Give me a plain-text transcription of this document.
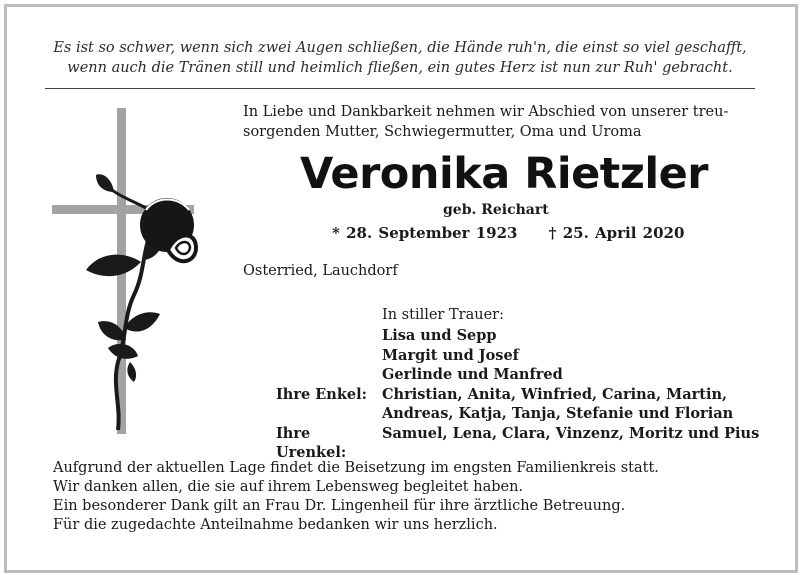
Es ist so schwer, wenn sich zwei Augen schließen, die Hände ruh'n, die einst so viel geschafft,
wenn auch die Tränen still und heimlich fließen, ein gutes Herz ist nun zur Ruh' gebracht.
In Liebe und Dankbarkeit nehmen wir Abschied von unserer treu-
sorgenden Mutter, Schwiegermutter, Oma und Uroma
Veronika Rietzler
geb. Reichart
* 28. September 1923 † 25. April 2020
Osterried, Lauchdorf
In stiller Trauer:
Lisa und Sepp
Margit und Josef
Gerlinde und Manfred
Ihre Enkel:	Christian, Anita, Winfried, Carina, Martin,
Andreas, Katja, Tanja, Stefanie und Florian
Ihre Urenkel:
Samuel, Lena, Clara, Vinzenz, Moritz und Pius
Aufgrund der aktuellen Lage findet die Beisetzung im engsten Familienkreis statt.
Wir danken allen, die sie auf ihrem Lebensweg begleitet haben.
Ein besonderer Dank gilt an Frau Dr. Lingenheil für ihre ärztliche Betreuung.
Für die zugedachte Anteilnahme bedanken wir uns herzlich.
